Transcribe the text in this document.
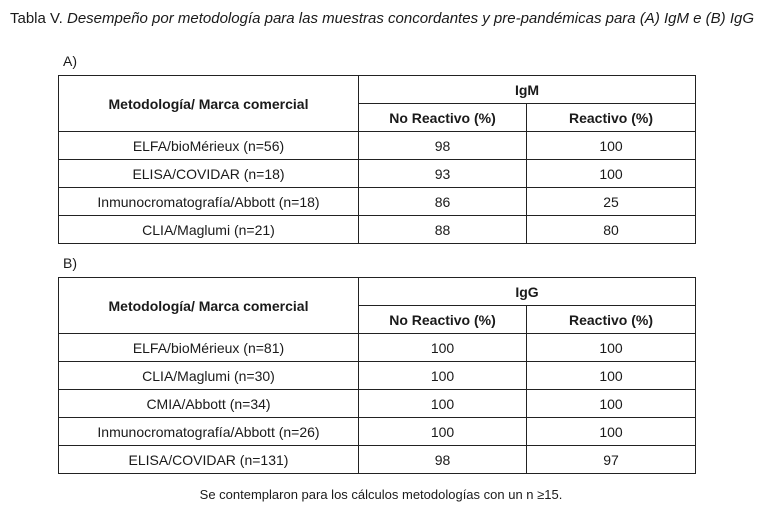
Tabla V. Desempeño por metodología para las muestras concordantes y pre-pandémicas para (A) IgM e (B) IgG
A)
Metodología/ Marca comercial	IgM	
	No Reactivo (%)	Reactivo (%)
ELFA/bioMérieux (n=56)	98	100
ELISA/COVIDAR (n=18)	93	100
Inmunocromatografía/Abbott (n=18)	86	25
CLIA/Maglumi (n=21)	88	80
B)
Metodología/ Marca comercial	IgG	
	No Reactivo (%)	Reactivo (%)
ELFA/bioMérieux (n=81)	100	100
CLIA/Maglumi (n=30)	100	100
CMIA/Abbott (n=34)	100	100
Inmunocromatografía/Abbott (n=26)	100	100
ELISA/COVIDAR (n=131)	98	97
Se contemplaron para los cálculos metodologías con un n ≥15.
